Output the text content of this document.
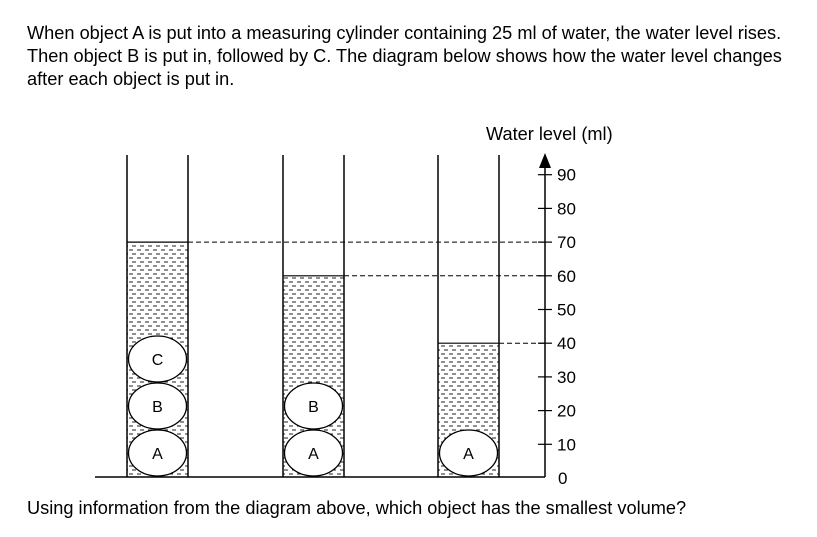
When object A is put into a measuring cylinder containing 25 ml of water, the water level rises. Then object B is put in, followed by C. The diagram below shows how the water level changes after each object is put in.

Water level (ml)
A
B
C
A
B
A
0
10
20
30
40
50
60
70
80
90

Using information from the diagram above, which object has the smallest volume?
